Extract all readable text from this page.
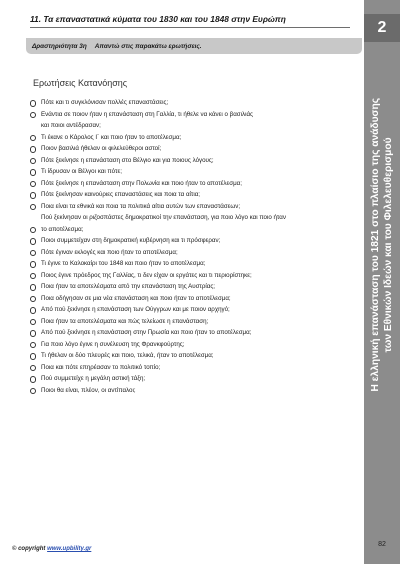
11. Τα επαναστατικά κύματα του 1830 και του 1848 στην Ευρώπη
Δραστηριότητα 3η Απαντώ στις παρακάτω ερωτήσεις.
2
Η ελληνική επανάσταση του 1821 στο πλαίσιο της ανάδυσης των Εθνικών Ιδεών και του Φιλελευθερισμού
Ερωτήσεις Κατανόησης
Πότε και τι συγκλόνισαν πολλές επαναστάσεις;
Ενάντια σε ποιον ήταν η επανάσταση στη Γαλλία, τι ήθελε να κάνει ο βασιλιάς
και ποιοι αντέδρασαν;
Τι έκανε ο Κάρολος Ι΄ και ποιο ήταν το αποτέλεσμα;
Ποιον βασιλιά ήθελαν οι φιλελεύθεροι αστοί;
Πότε ξεκίνησε η επανάσταση στο Βέλγιο και για ποιους λόγους;
Τι ίδρυσαν οι Βέλγοι και πότε;
Πότε ξεκίνησε η επανάσταση στην Πολωνία και ποιο ήταν το αποτέλεσμα;
Πότε ξεκίνησαν καινούριες επαναστάσεις και ποια τα αίτια;
Ποια είναι τα εθνικά και ποια τα πολιτικά αίτια αυτών των επαναστάσεων;
Πού ξεκίνησαν οι ριζοσπάστες δημοκρατικοί την επανάσταση, για ποιο λόγο και ποιο ήταν
το αποτέλεσμα;
Ποιοι συμμετείχαν στη δημοκρατική κυβέρνηση και τι πρόσφεραν;
Πότε έγιναν εκλογές και ποιο ήταν το αποτέλεσμα;
Τι έγινε το Καλοκαίρι του 1848 και ποιο ήταν το αποτέλεσμα;
Ποιος έγινε πρόεδρος της Γαλλίας, τι δεν είχαν οι εργάτες και τι περιορίστηκε;
Ποια ήταν τα αποτελέσματα από την επανάσταση της Αυστρίας;
Ποια οδήγησαν σε μια νέα επανάσταση και ποιο ήταν το αποτέλεσμα;
Από πού ξεκίνησε η επανάσταση των Ούγγρων και με ποιον αρχηγό;
Ποια ήταν τα αποτελέσματα και πώς τελείωσε η επανάσταση;
Από πού ξεκίνησε η επανάσταση στην Πρωσία και ποιο ήταν το αποτέλεσμα;
Για ποιο λόγο έγινε η συνέλευση της Φρανκφούρτης;
Τι ήθελαν οι δύο πλευρές και ποιο, τελικά, ήταν το αποτέλεσμα;
Ποια και πότε επηρέασαν το πολιτικό τοπίο;
Πού συμμετείχε η μεγάλη αστική τάξη;
Ποιοι θα είναι, πλέον, οι αντίπαλοι;
© copyright www.upbility.gr
82
